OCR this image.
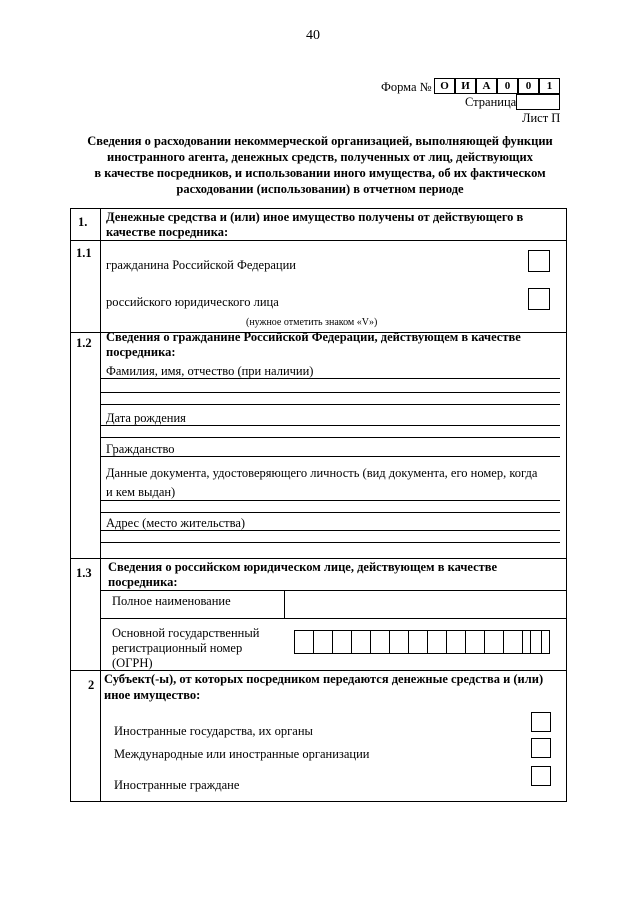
40
Форма № О	И	А	0	0	1
Страница
Лист П
Сведения о расходовании некоммерческой организацией, выполняющей функции
иностранного агента, денежных средств, полученных от лиц, действующих
в качестве посредников, и использовании иного имущества, об их фактическом
расходовании (использовании) в отчетном периоде
1. Денежные средства и (или) иное имущество получены от действующего в
качестве посредника:
1.1
гражданина Российской Федерации
российского юридического лица
(нужное отметить знаком «V»)
1.2 Сведения о гражданине Российской Федерации, действующем в качестве
посредника:
Фамилия, имя, отчество (при наличии)
Дата рождения
Гражданство
Данные документа, удостоверяющего личность (вид документа, его номер, когда
и кем выдан)
Адрес (место жительства)
1.3 Сведения о российском юридическом лице, действующем в качестве
посредника:
Полное наименование
Основной государственный
регистрационный номер
(ОГРН)
2 Субъект(-ы), от которых посредником передаются денежные средства и (или)
иное имущество:
Иностранные государства, их органы
Международные или иностранные организации
Иностранные граждане
